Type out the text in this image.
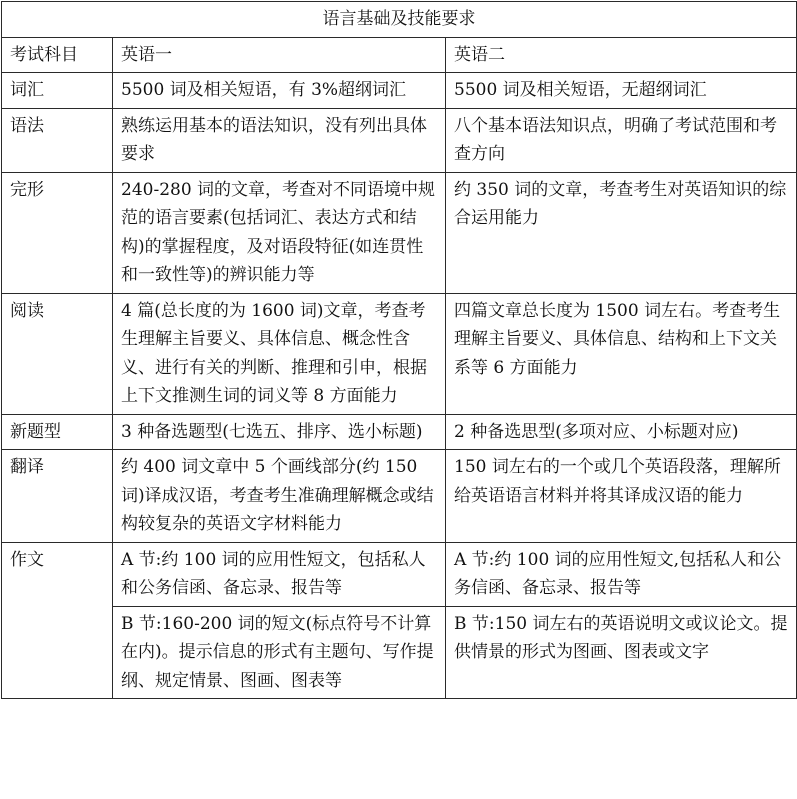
语言基础及技能要求		
考试科目	英语一	英语二
词汇	5500 词及相关短语，有 3%超纲词汇	5500 词及相关短语，无超纲词汇
语法	熟练运用基本的语法知识，没有列出具体要求	八个基本语法知识点，明确了考试范围和考查方向
完形	240-280 词的文章，考查对不同语境中规范的语言要素(包括词汇、表达方式和结构)的掌握程度，及对语段特征(如连贯性和一致性等)的辨识能力等	约 350 词的文章，考查考生对英语知识的综合运用能力
阅读	4 篇(总长度的为 1600 词)文章，考查考生理解主旨要义、具体信息、概念性含义、进行有关的判断、推理和引申，根据上下文推测生词的词义等 8 方面能力	四篇文章总长度为 1500 词左右。考查考生理解主旨要义、具体信息、结构和上下文关系等 6 方面能力
新题型	3 种备选题型(七选五、排序、选小标题)	2 种备选思型(多项对应、小标题对应)
翻译	约 400 词文章中 5 个画线部分(约 150 词)译成汉语，考查考生准确理解概念或结构较复杂的英语文字材料能力	150 词左右的一个或几个英语段落，理解所给英语语言材料并将其译成汉语的能力
作文	A 节:约 100 词的应用性短文，包括私人和公务信函、备忘录、报告等	A 节:约 100 词的应用性短文,包括私人和公务信函、备忘录、报告等
	B 节:160-200 词的短文(标点符号不计算在内)。提示信息的形式有主题句、写作提纲、规定情景、图画、图表等	B 节:150 词左右的英语说明文或议论文。提供情景的形式为图画、图表或文字
